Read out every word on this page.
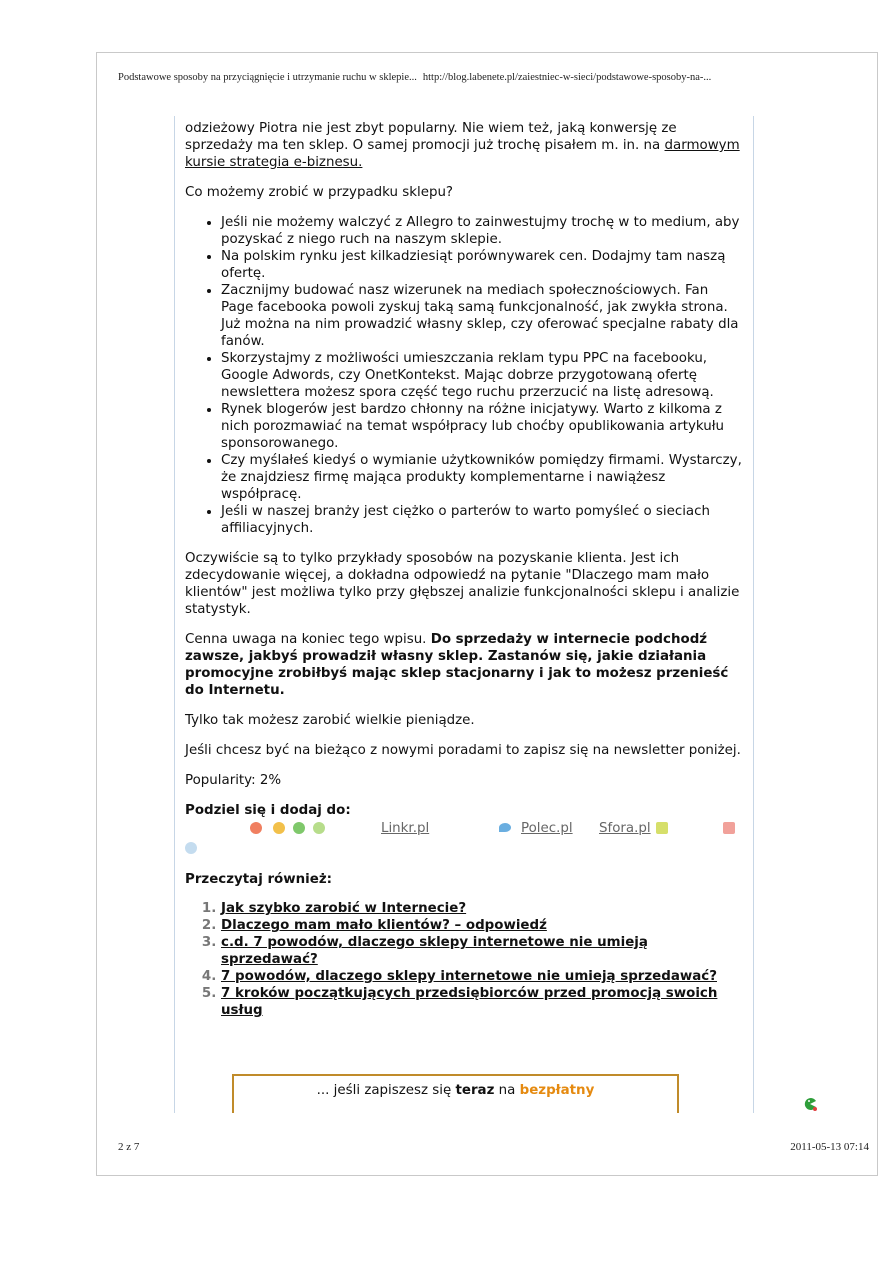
Podstawowe sposoby na przyciągnięcie i utrzymanie ruchu w sklepie... http://blog.labenete.pl/zaiestniec-w-sieci/podstawowe-sposoby-na-...

odzieżowy Piotra nie jest zbyt popularny. Nie wiem też, jaką konwersję ze sprzedaży ma ten sklep. O samej promocji już trochę pisałem m. in. na darmowym kursie strategia e-biznesu.

Co możemy zrobić w przypadku sklepu?

• Jeśli nie możemy walczyć z Allegro to zainwestujmy trochę w to medium, aby pozyskać z niego ruch na naszym sklepie.
• Na polskim rynku jest kilkadziesiąt porównywarek cen. Dodajmy tam naszą ofertę.
• Zacznijmy budować nasz wizerunek na mediach społecznościowych. Fan Page facebooka powoli zyskuj taką samą funkcjonalność, jak zwykła strona. Już można na nim prowadzić własny sklep, czy oferować specjalne rabaty dla fanów.
• Skorzystajmy z możliwości umieszczania reklam typu PPC na facebooku, Google Adwords, czy OnetKontekst. Mając dobrze przygotowaną ofertę newslettera możesz spora część tego ruchu przerzucić na listę adresową.
• Rynek blogerów jest bardzo chłonny na różne inicjatywy. Warto z kilkoma z nich porozmawiać na temat współpracy lub choćby opublikowania artykułu sponsorowanego.
• Czy myślałeś kiedyś o wymianie użytkowników pomiędzy firmami. Wystarczy, że znajdziesz firmę mająca produkty komplementarne i nawiążesz współpracę.
• Jeśli w naszej branży jest ciężko o parterów to warto pomyśleć o sieciach affiliacyjnych.

Oczywiście są to tylko przykłady sposobów na pozyskanie klienta. Jest ich zdecydowanie więcej, a dokładna odpowiedź na pytanie "Dlaczego mam mało klientów" jest możliwa tylko przy głębszej analizie funkcjonalności sklepu i analizie statystyk.

Cenna uwaga na koniec tego wpisu. Do sprzedaży w internecie podchodź zawsze, jakbyś prowadził własny sklep. Zastanów się, jakie działania promocyjne zrobiłbyś mając sklep stacjonarny i jak to możesz przenieść do Internetu.

Tylko tak możesz zarobić wielkie pieniądze.

Jeśli chcesz być na bieżąco z nowymi poradami to zapisz się na newsletter poniżej.

Popularity: 2%

Podziel się i dodaj do:
Linkr.pl	Polec.pl Sfora.pl
Przeczytaj również:
1. Jak szybko zarobić w Internecie?
2. Dlaczego mam mało klientów? – odpowiedź
3. c.d. 7 powodów, dlaczego sklepy internetowe nie umieją sprzedawać?
4. 7 powodów, dlaczego sklepy internetowe nie umieją sprzedawać?
5. 7 kroków początkujących przedsiębiorców przed promocją swoich usług
... jeśli zapiszesz się teraz na bezpłatny
2 z 7	2011-05-13 07:14
